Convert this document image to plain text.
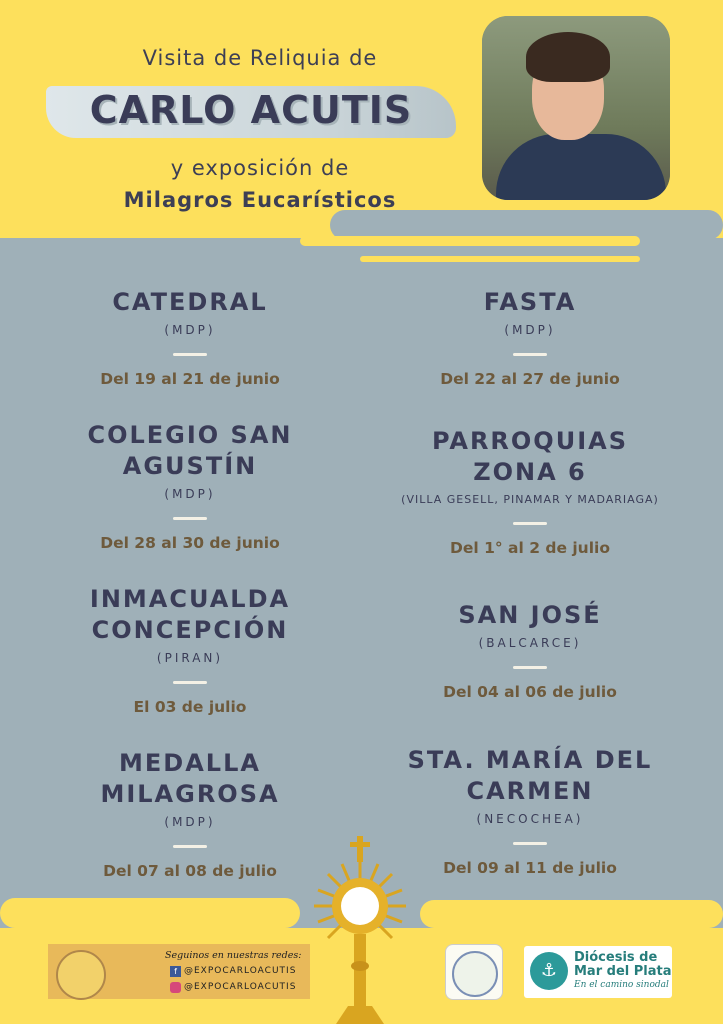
Visita de Reliquia de
CARLO ACUTIS
y exposición de
Milagros Eucarísticos
CATEDRAL
(MDP)
Del 19 al 21 de junio
COLEGIO SAN AGUSTÍN
(MDP)
Del 28 al 30 de junio
INMACUALDA CONCEPCIÓN
(PIRAN)
El 03 de julio
MEDALLA MILAGROSA
(MDP)
Del 07 al 08 de julio
FASTA
(MDP)
Del 22 al 27 de junio
PARROQUIAS ZONA 6
(VILLA GESELL, PINAMAR Y MADARIAGA)
Del 1° al 2 de julio
SAN JOSÉ
(BALCARCE)
Del 04 al 06 de julio
STA. MARÍA DEL CARMEN
(NECOCHEA)
Del 09 al 11 de julio
Seguinos en nuestras redes:
f @EXPOCARLOACUTIS
@EXPOCARLOACUTIS
⚓
Diócesis de Mar del Plata
En el camino sinodal
